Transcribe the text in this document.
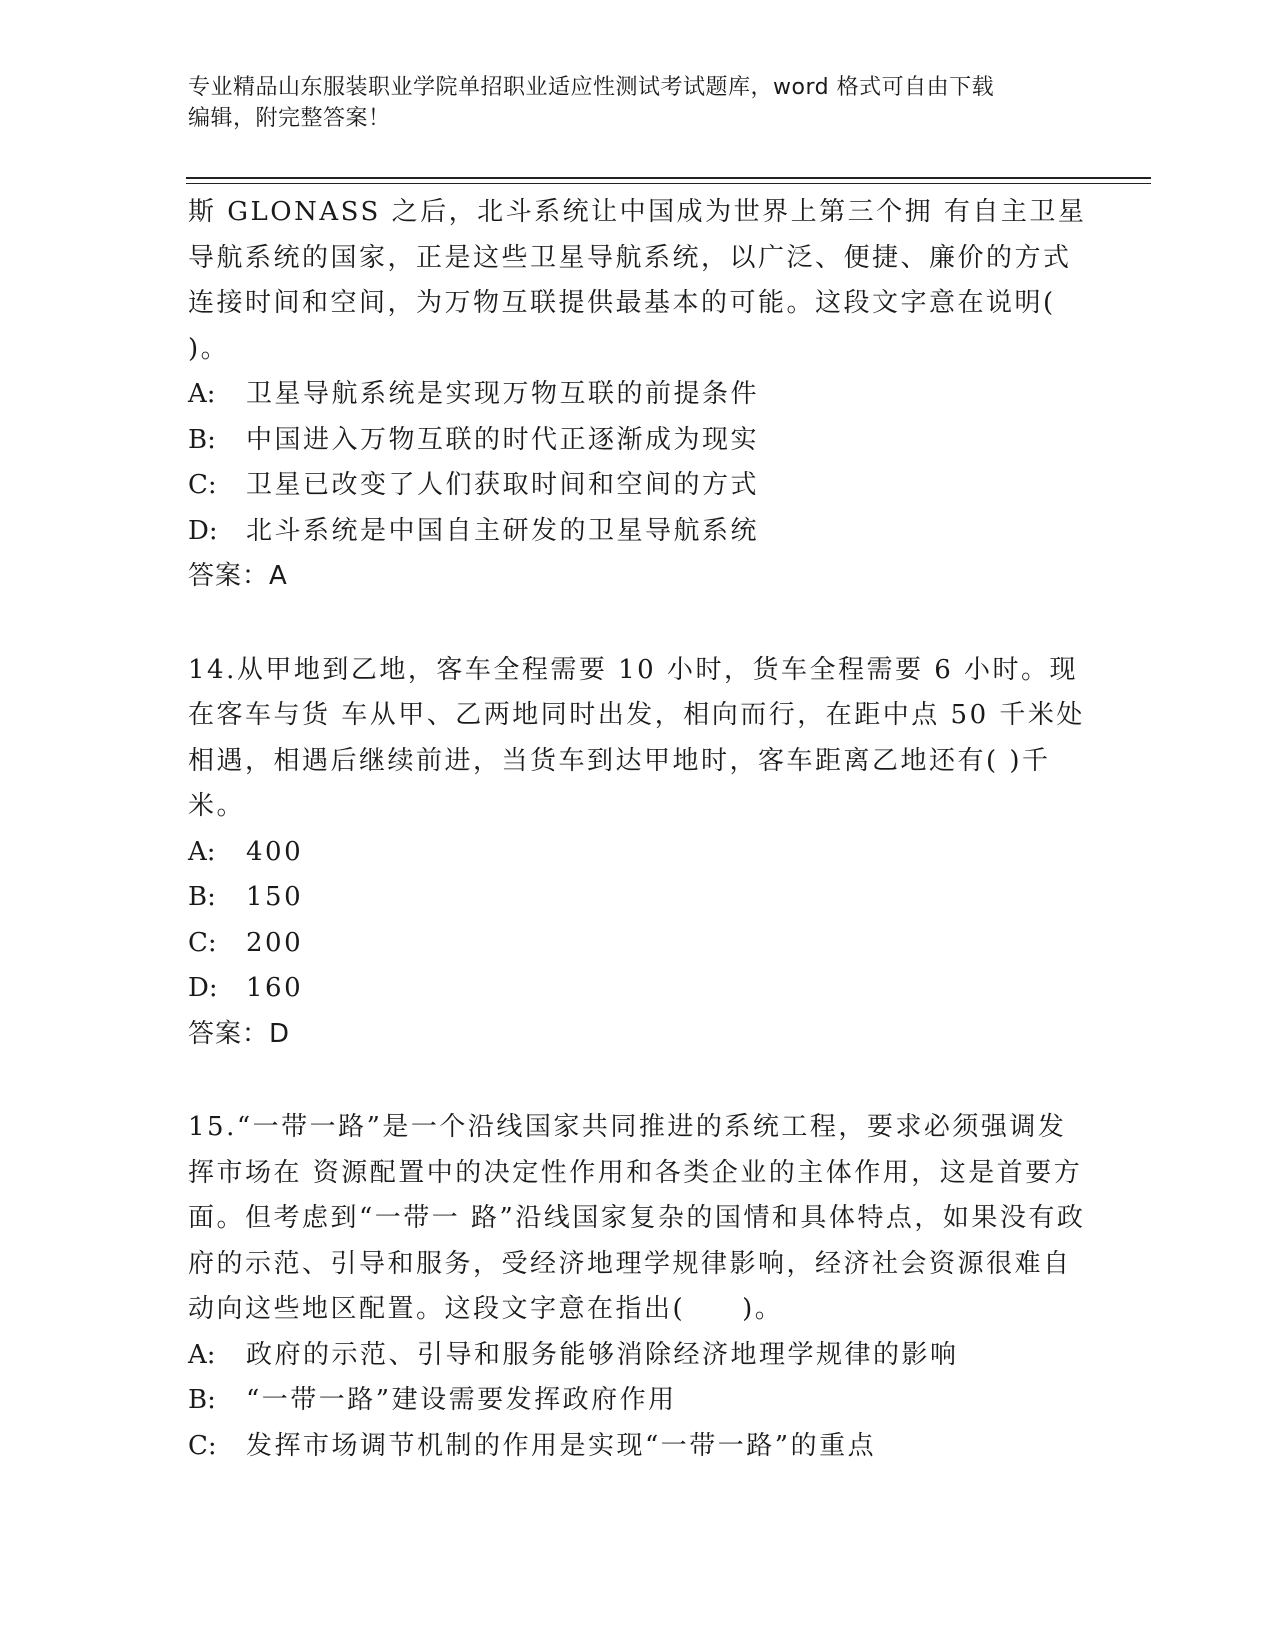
专业精品山东服装职业学院单招职业适应性测试考试题库，word 格式可自由下载
编辑，附完整答案！

斯 GLONASS 之后，北斗系统让中国成为世界上第三个拥 有自主卫星导航系统的国家，正是这些卫星导航系统，以广泛、便捷、廉价的方式连接时间和空间，为万物互联提供最基本的可能。这段文字意在说明( )。

A: 卫星导航系统是实现万物互联的前提条件

B: 中国进入万物互联的时代正逐渐成为现实

C: 卫星已改变了人们获取时间和空间的方式

D: 北斗系统是中国自主研发的卫星导航系统

答案：A

14.从甲地到乙地，客车全程需要 10 小时，货车全程需要 6 小时。现在客车与货 车从甲、乙两地同时出发，相向而行，在距中点 50 千米处相遇，相遇后继续前进，当货车到达甲地时，客车距离乙地还有( )千米。

A: 400

B: 150

C: 200

D: 160

答案：D

15.“一带一路”是一个沿线国家共同推进的系统工程，要求必须强调发挥市场在 资源配置中的决定性作用和各类企业的主体作用，这是首要方面。但考虑到“一带一 路”沿线国家复杂的国情和具体特点，如果没有政府的示范、引导和服务，受经济地理学规律影响，经济社会资源很难自动向这些地区配置。这段文字意在指出(　　)。

A: 政府的示范、引导和服务能够消除经济地理学规律的影响

B: “一带一路”建设需要发挥政府作用

C: 发挥市场调节机制的作用是实现“一带一路”的重点
